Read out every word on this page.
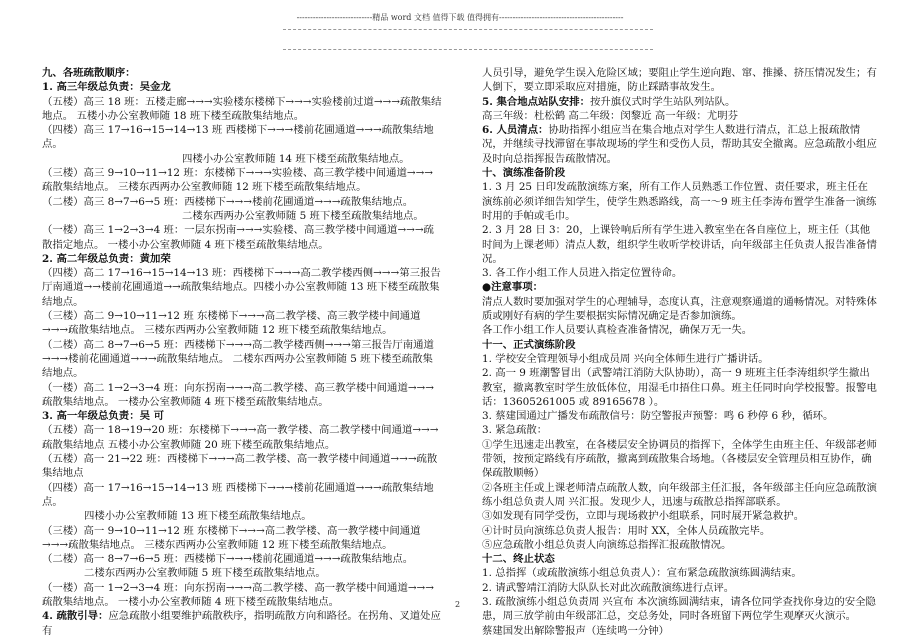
----------------------------精品 word 文档 值得下载 值得拥有----------------------------------------------

九、各班疏散顺序：

1. 高三年级总负责：吴金龙

（五楼）高三 18 班：五楼走廊→→→实验楼东楼梯下→→→实验楼前过道→→→疏散集结地点。 五楼小办公室教师随 18 班下楼至疏散集结地点。

（四楼）高三 17→16→15→14→13 班 西楼梯下→→→楼前花圃通道→→→疏散集结地点。

四楼小办公室教师随 14 班下楼至疏散集结地点。

（三楼）高三 9→10→11→12 班：东楼梯下→→→实验楼、高三教学楼中间通道→→→疏散集结地点。 三楼东西两办公室教师随 12 班下楼至疏散集结地点。

（二楼）高三 8→7→6→5 班：西楼梯下→→→楼前花圃通道→→→疏散集结地点。

二楼东西两办公室教师随 5 班下楼至疏散集结地点。

（一楼）高三 1→2→3→4 班：一层东拐南→→→实验楼、高三教学楼中间通道→→→疏散指定地点。 一楼小办公室教师随 4 班下楼至疏散集结地点。

2. 高二年级总负责：黄加荣

（四楼）高二 17→16→15→14→13 班：西楼梯下→→→高二教学楼西侧→→→第三报告厅南通道→→楼前花圃通道→→疏散集结地点。四楼小办公室教师随 13 班下楼至疏散集结地点。

（三楼）高二 9→10→11→12 班 东楼梯下→→→高二教学楼、高三教学楼中间通道→→→疏散集结地点。 三楼东西两办公室教师随 12 班下楼至疏散集结地点。

（二楼）高二 8→7→6→5 班：西楼梯下→→→高二教学楼西侧→→→第三报告厅南通道→→→楼前花圃通道→→→疏散集结地点。 二楼东西两办公室教师随 5 班下楼至疏散集结地点。

（一楼）高二 1→2→3→4 班：向东拐南→→→高二教学楼、高三教学楼中间通道→→→疏散集结地点。 一楼办公室教师随 4 班下楼至疏散集结地点。

3. 高一年级总负责：吴 可

（五楼）高一 18→19→20 班：东楼梯下→→→高一教学楼、高二教学楼中间通道→→→疏散集结地点 五楼小办公室教师随 20 班下楼至疏散集结地点。

（五楼）高一 21→22 班：西楼梯下→→→高二教学楼、高一教学楼中间通道→→→疏散集结地点

（四楼）高一 17→16→15→14→13 班 西楼梯下→→→楼前花圃通道→→→疏散集结地点。

四楼小办公室教师随 13 班下楼至疏散集结地点。

（三楼）高一 9→10→11→12 班 东楼梯下→→→高二教学楼、高一教学楼中间通道→→→疏散集结地点。 三楼东西两办公室教师随 12 班下楼至疏散集结地点。

（二楼）高一 8→7→6→5 班：西楼梯下→→→楼前花圃通道→→→疏散集结地点。

二楼东西两办公室教师随 5 班下楼至疏散集结地点。

（一楼）高一 1→2→3→4 班：向东拐南→→→高二教学楼、高一教学楼中间通道→→→疏散集结地点。 一楼小办公室教师随 4 班下楼至疏散集结地点。

4. 疏散引导：应急疏散小组要维护疏散秩序，指明疏散方向和路径。在拐角、叉道处应有

人员引导，避免学生误入危险区域；要阻止学生逆向跑、窜、推搡、挤压情况发生；有人倒下，要立即采取应对措施，防止踩踏事故发生。

5. 集合地点站队安排：按升旗仪式时学生站队列站队。

高三年级：杜松鹤 高二年级：闵黎近 高一年级：尤明芬

6. 人员清点：协助指挥小组应当在集合地点对学生人数进行清点，汇总上报疏散情况，并继续寻找滞留在事故现场的学生和受伤人员，帮助其安全撤离。应急疏散小组应及时向总指挥报告疏散情况。

十、演练准备阶段

1. 3 月 25 日印发疏散演练方案，所有工作人员熟悉工作位置、责任要求，班主任在演练前必须详细告知学生，使学生熟悉路线，高一～9 班主任李涛布置学生准备一演练时用的手帕或毛巾。

2. 3 月 28 日 3：20，上课铃响后所有学生进入教室坐在各自座位上，班主任（其他时间为上课老师）清点人数，组织学生收听学校讲话，向年级部主任负责人报告准备情况。

3. 各工作小组工作人员进入指定位置待命。

●注意事项：

清点人数时要加强对学生的心理辅导，态度认真，注意观察通道的通畅情况。对特殊体质或刚好有病的学生要根据实际情况确定是否参加演练。

各工作小组工作人员要认真检查准备情况，确保万无一失。

十一、正式演练阶段

1. 学校安全管理领导小组成员周 兴向全体师生进行广播讲话。

2. 高一 9 班潮警冒出（武警靖江消防大队协助），高一 9 班班主任李涛组织学生撤出教室，撤离教室时学生放低体位，用湿毛巾捂住口鼻。班主任同时向学校报警。报警电话：13605261005 或 89165678 ）。

3. 蔡建国通过广播发布疏散信号：防空警报声预警：鸣 6 秒停 6 秒，循环。

3. 紧急疏散：

①学生迅速走出教室，在各楼层安全协调员的指挥下，全体学生由班主任、年级部老师带领，按预定路线有序疏散，撤离到疏散集合场地。（各楼层安全管理员相互协作，确保疏散顺畅）

②各班主任或上课老师清点疏散人数，向年级部主任汇报，各年级部主任向应急疏散演练小组总负责人周 兴汇报。发现少人，迅速与疏散总指挥部联系。

③如发现有同学受伤，立即与现场救护小组联系，同时展开紧急救护。

④计时员向演练总负责人报告：用时 XX，全体人员疏散完毕。

⑤应急疏散小组总负责人向演练总指挥汇报疏散情况。

十二、终止状态

1. 总指挥（或疏散演练小组总负责人）：宣布紧急疏散演练圆满结束。

2. 请武警靖江消防大队队长对此次疏散演练进行点评。

3. 疏散演练小组总负责周 兴宣布 本次演练圆满结束，请各位同学查找你身边的安全隐患，周三放学前由年级部汇总，交总务处，同时各班留下两位学生观摩灭火演示。

蔡建国发出解除警报声（连续鸣一分钟）

2
